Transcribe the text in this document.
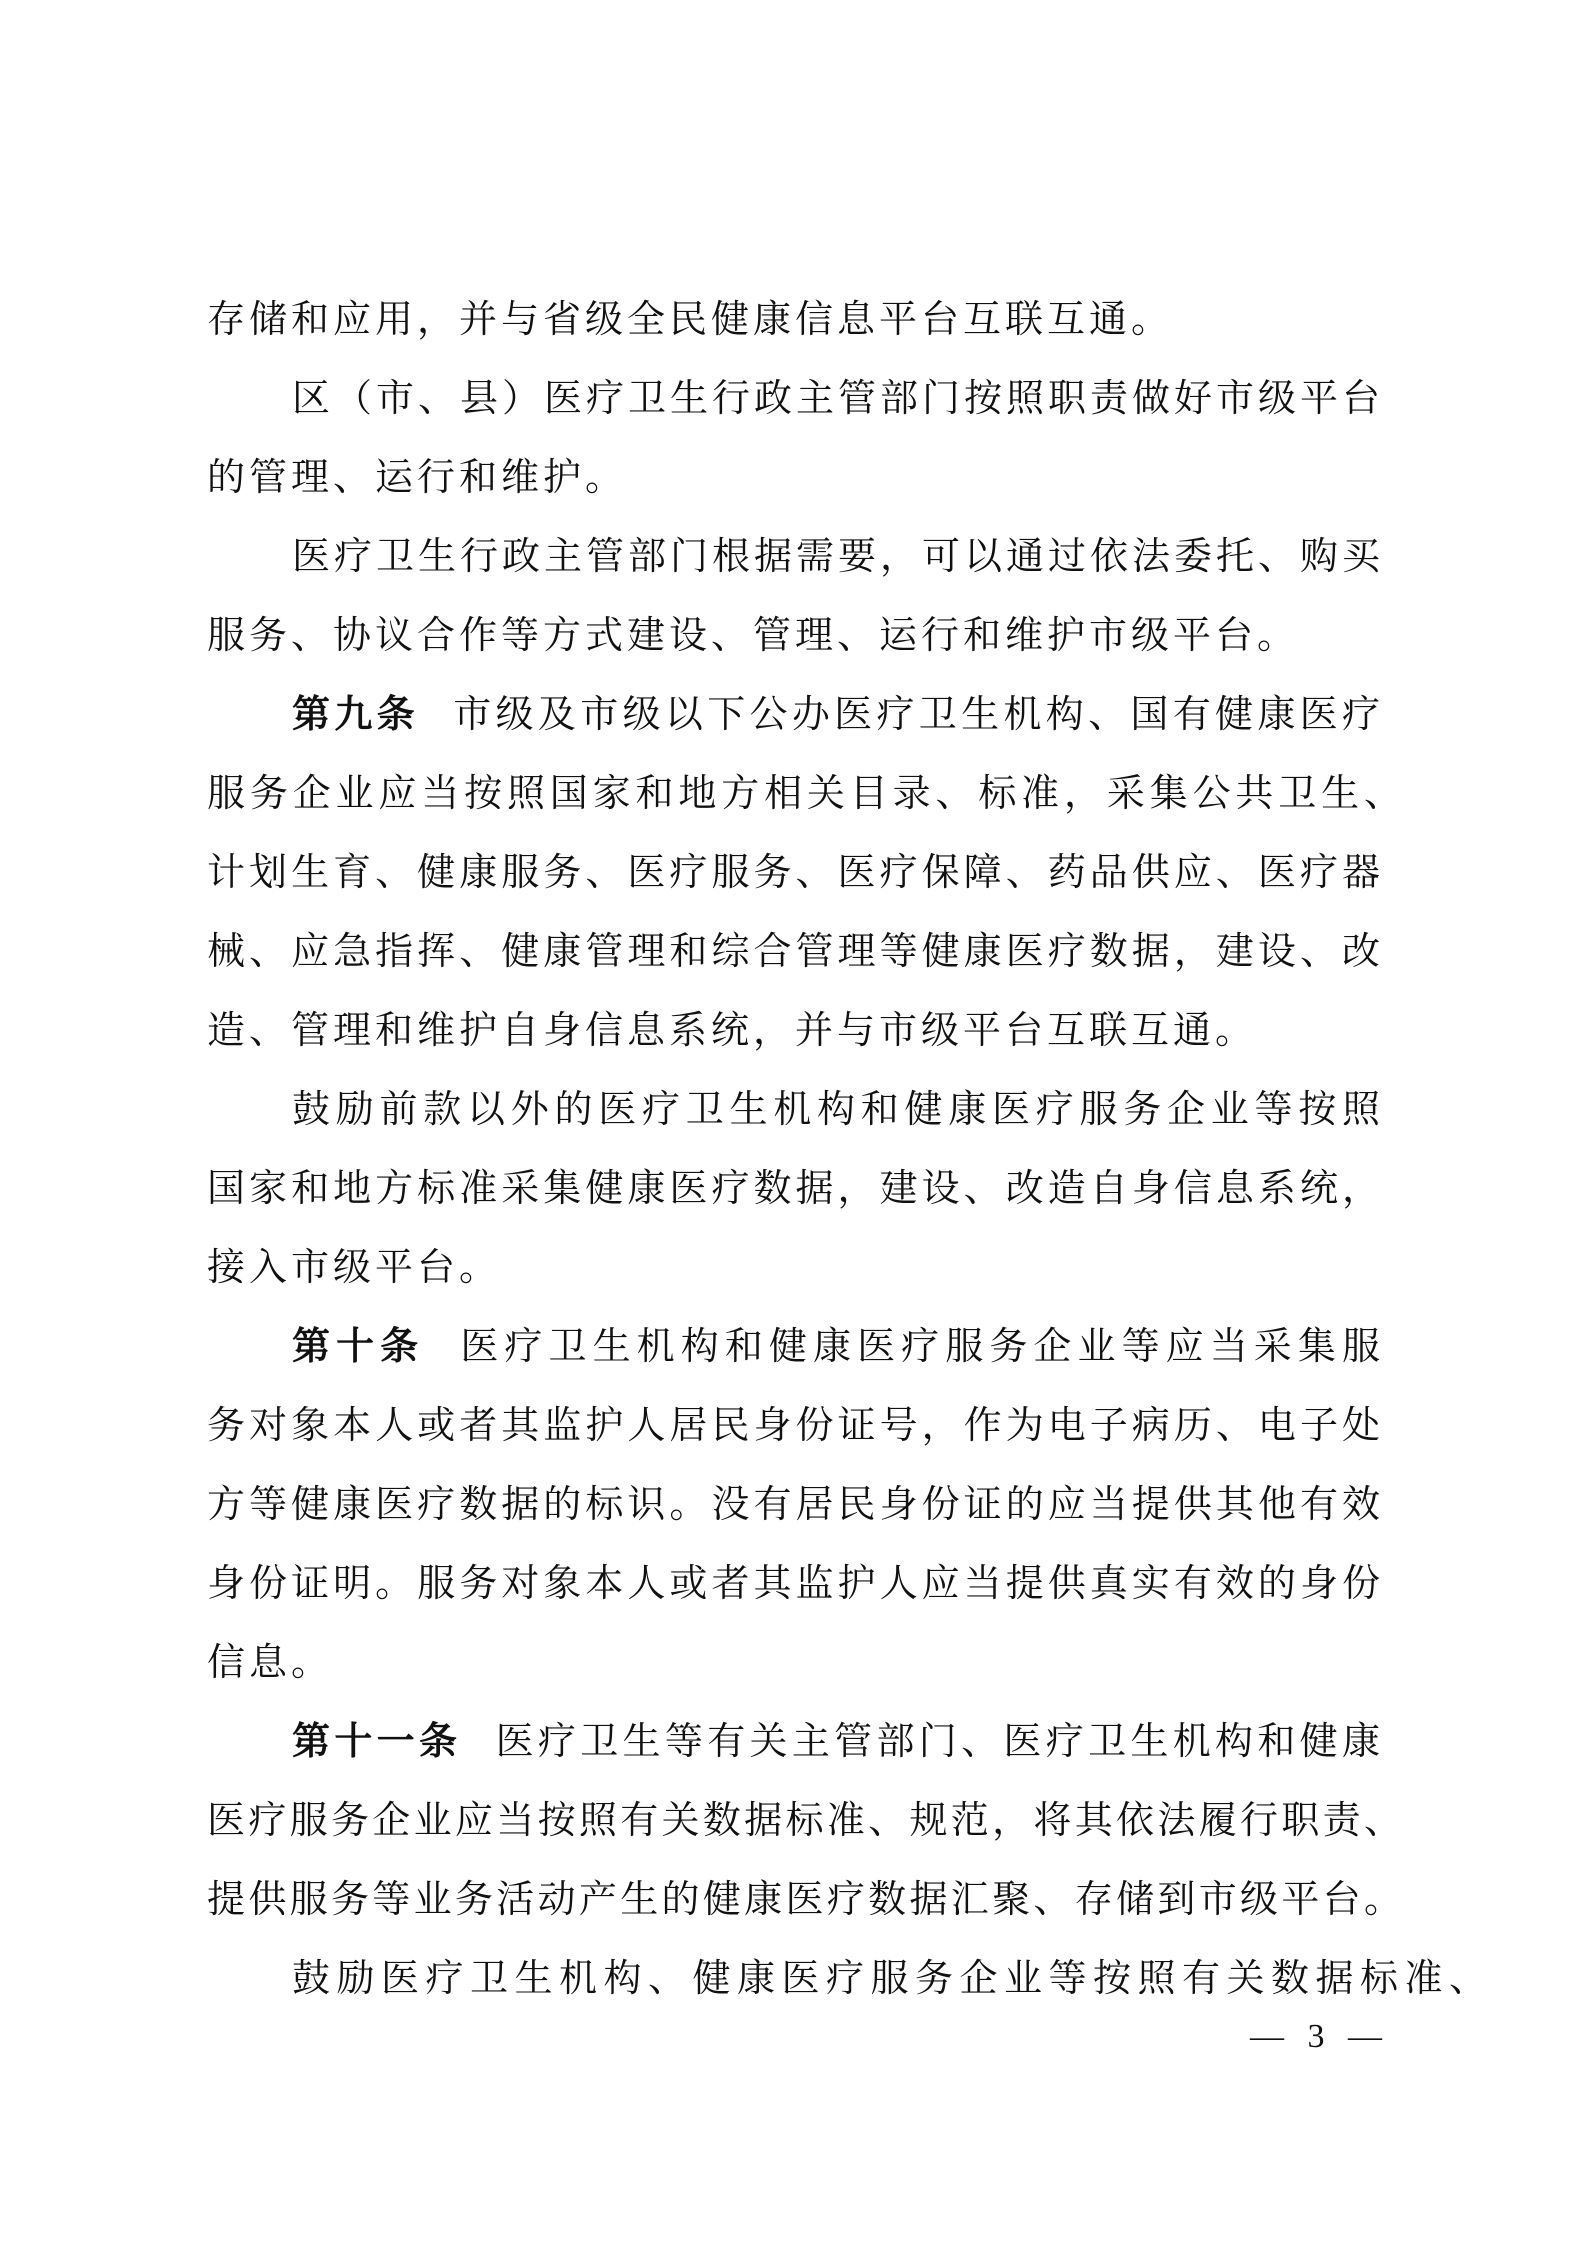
存储和应用，并与省级全民健康信息平台互联互通。
区（市、县）医疗卫生行政主管部门按照职责做好市级平台
的管理、运行和维护。
医疗卫生行政主管部门根据需要，可以通过依法委托、购买
服务、协议合作等方式建设、管理、运行和维护市级平台。
第九条 市级及市级以下公办医疗卫生机构、国有健康医疗
服务企业应当按照国家和地方相关目录、标准，采集公共卫生、
计划生育、健康服务、医疗服务、医疗保障、药品供应、医疗器
械、应急指挥、健康管理和综合管理等健康医疗数据，建设、改
造、管理和维护自身信息系统，并与市级平台互联互通。
鼓励前款以外的医疗卫生机构和健康医疗服务企业等按照
国家和地方标准采集健康医疗数据，建设、改造自身信息系统，
接入市级平台。
第十条 医疗卫生机构和健康医疗服务企业等应当采集服
务对象本人或者其监护人居民身份证号，作为电子病历、电子处
方等健康医疗数据的标识。没有居民身份证的应当提供其他有效
身份证明。服务对象本人或者其监护人应当提供真实有效的身份
信息。
第十一条 医疗卫生等有关主管部门、医疗卫生机构和健康
医疗服务企业应当按照有关数据标准、规范，将其依法履行职责、
提供服务等业务活动产生的健康医疗数据汇聚、存储到市级平台。
鼓励医疗卫生机构、健康医疗服务企业等按照有关数据标准、
— 3 —
